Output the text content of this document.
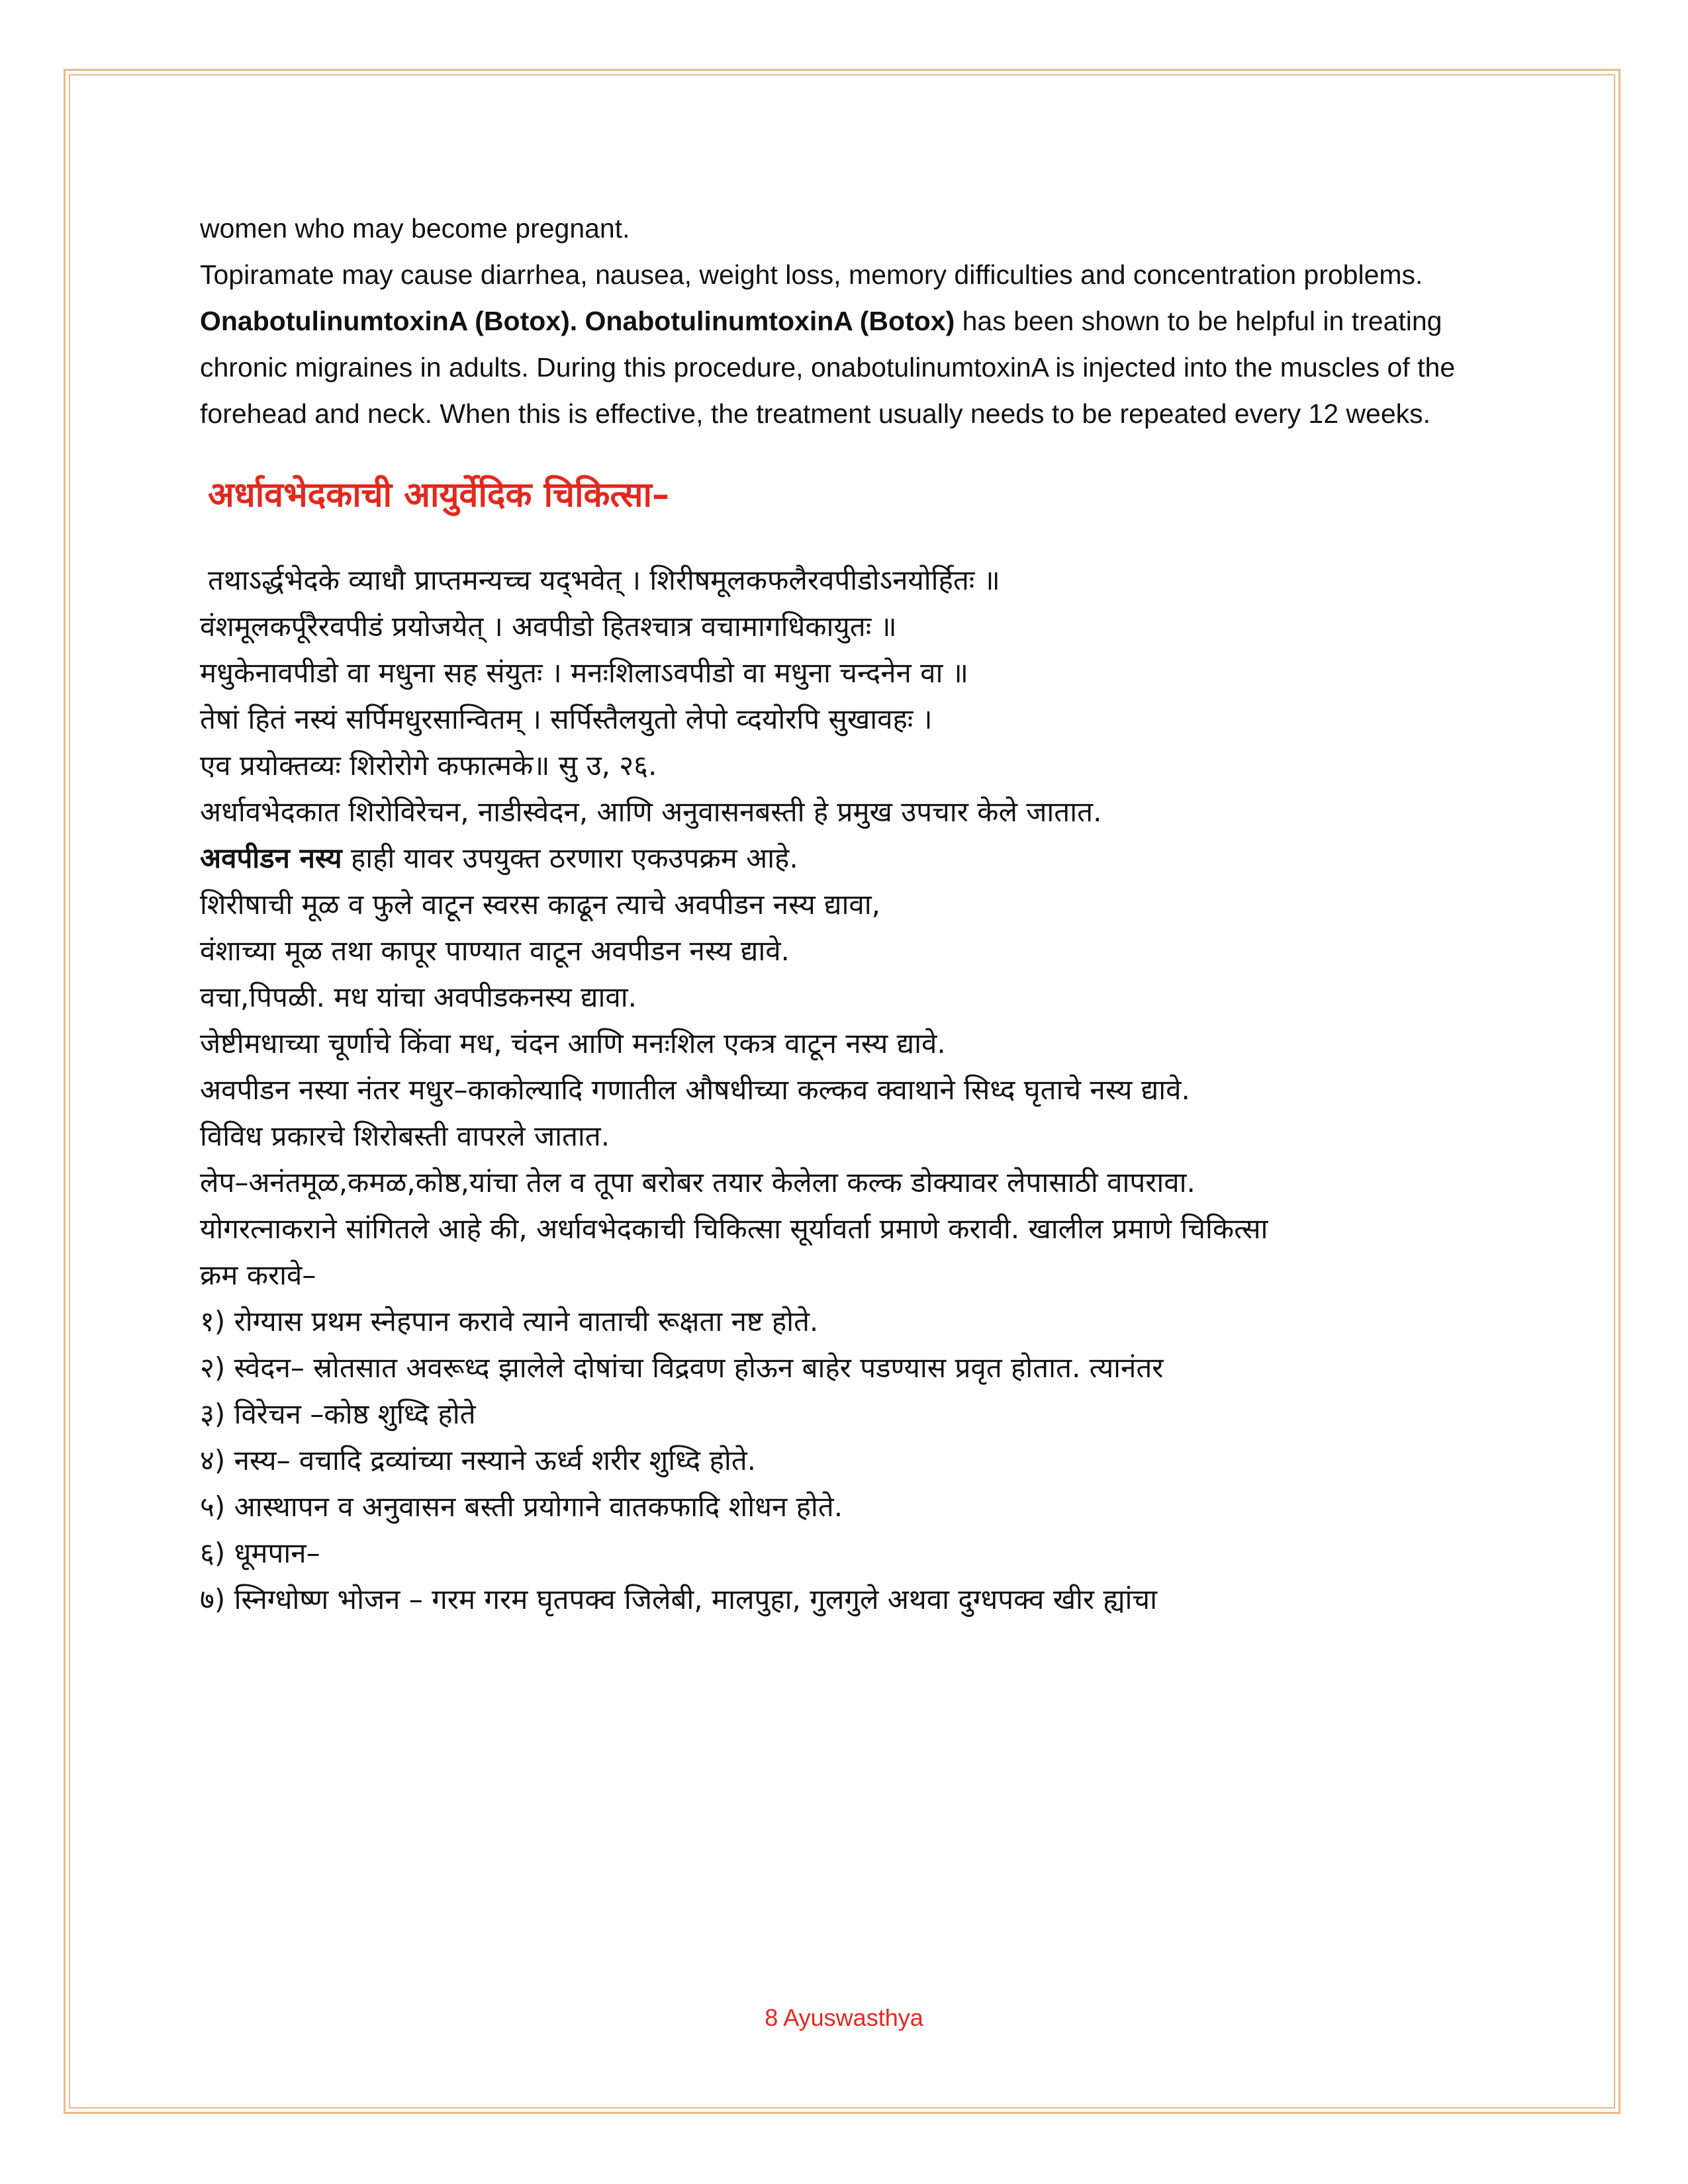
women who may become pregnant.

Topiramate may cause diarrhea, nausea, weight loss, memory difficulties and concentration problems.

OnabotulinumtoxinA (Botox). OnabotulinumtoxinA (Botox) has been shown to be helpful in treating chronic migraines in adults. During this procedure, onabotulinumtoxinA is injected into the muscles of the forehead and neck. When this is effective, the treatment usually needs to be repeated every 12 weeks.

अर्धावभेदकाची आयुर्वेदिक चिकित्सा–

तथाऽर्द्धभेदके व्याधौ प्राप्तमन्यच्च यद्‌भवेत् । शिरीषमूलकफलैरवपीडोऽनयोर्हितः ॥

वंशमूलकर्पूरैरवपीडं प्रयोजयेत् । अवपीडो हितश्चात्र वचामागधिकायुतः ॥

मधुकेनावपीडो वा मधुना सह संयुतः । मनःशिलाऽवपीडो वा मधुना चन्दनेन वा ॥

तेषां हितं नस्यं सर्पिमधुरसान्वितम् । सर्पिस्तैलयुतो लेपो व्दयोरपि सुखावहः ।

एव प्रयोक्तव्यः शिरोरोगे कफात्मके॥ सु उ, २६.

अर्धावभेदकात शिरोविरेचन, नाडीस्वेदन, आणि अनुवासनबस्ती हे प्रमुख उपचार केले जातात.

अवपीडन नस्य हाही यावर उपयुक्त ठरणारा एकउपक्रम आहे.

शिरीषाची मूळ व फुले वाटून स्वरस काढून त्याचे अवपीडन नस्य द्यावा,

वंशाच्या मूळ तथा कापूर पाण्यात वाटून अवपीडन नस्य द्यावे.

वचा,पिपळी. मध यांचा अवपीडकनस्य द्यावा.

जेष्टीमधाच्या चूर्णाचे किंवा मध, चंदन आणि मनःशिल एकत्र वाटून नस्य द्यावे.

अवपीडन नस्या नंतर मधुर–काकोल्यादि गणातील औषधीच्या कल्कव क्वाथाने सिध्द घृताचे नस्य द्यावे.

विविध प्रकारचे शिरोबस्ती वापरले जातात.

लेप–अनंतमूळ,कमळ,कोष्ठ,यांचा तेल व तूपा बरोबर तयार केलेला कल्क डोक्यावर लेपासाठी वापरावा.

योगरत्नाकराने सांगितले आहे की, अर्धावभेदकाची चिकित्सा सूर्यावर्ता प्रमाणे करावी. खालील प्रमाणे चिकित्सा

क्रम करावे–

१) रोग्यास प्रथम स्नेहपान करावे त्याने वाताची रूक्षता नष्ट होते.

२) स्वेदन– स्रोतसात अवरूध्द झालेले दोषांचा विद्रवण होऊन बाहेर पडण्यास प्रवृत होतात. त्यानंतर

३) विरेचन –कोष्ठ शुध्दि होते

४) नस्य– वचादि द्रव्यांच्या नस्याने ऊर्ध्व शरीर शुध्दि होते.

५) आस्थापन व अनुवासन बस्ती प्रयोगाने वातकफादि शोधन होते.

६) धूमपान–

७) स्निग्धोष्ण भोजन – गरम गरम घृतपक्व जिलेबी, मालपुहा, गुलगुले अथवा दुग्धपक्व खीर ह्यांचा

8 Ayuswasthya
